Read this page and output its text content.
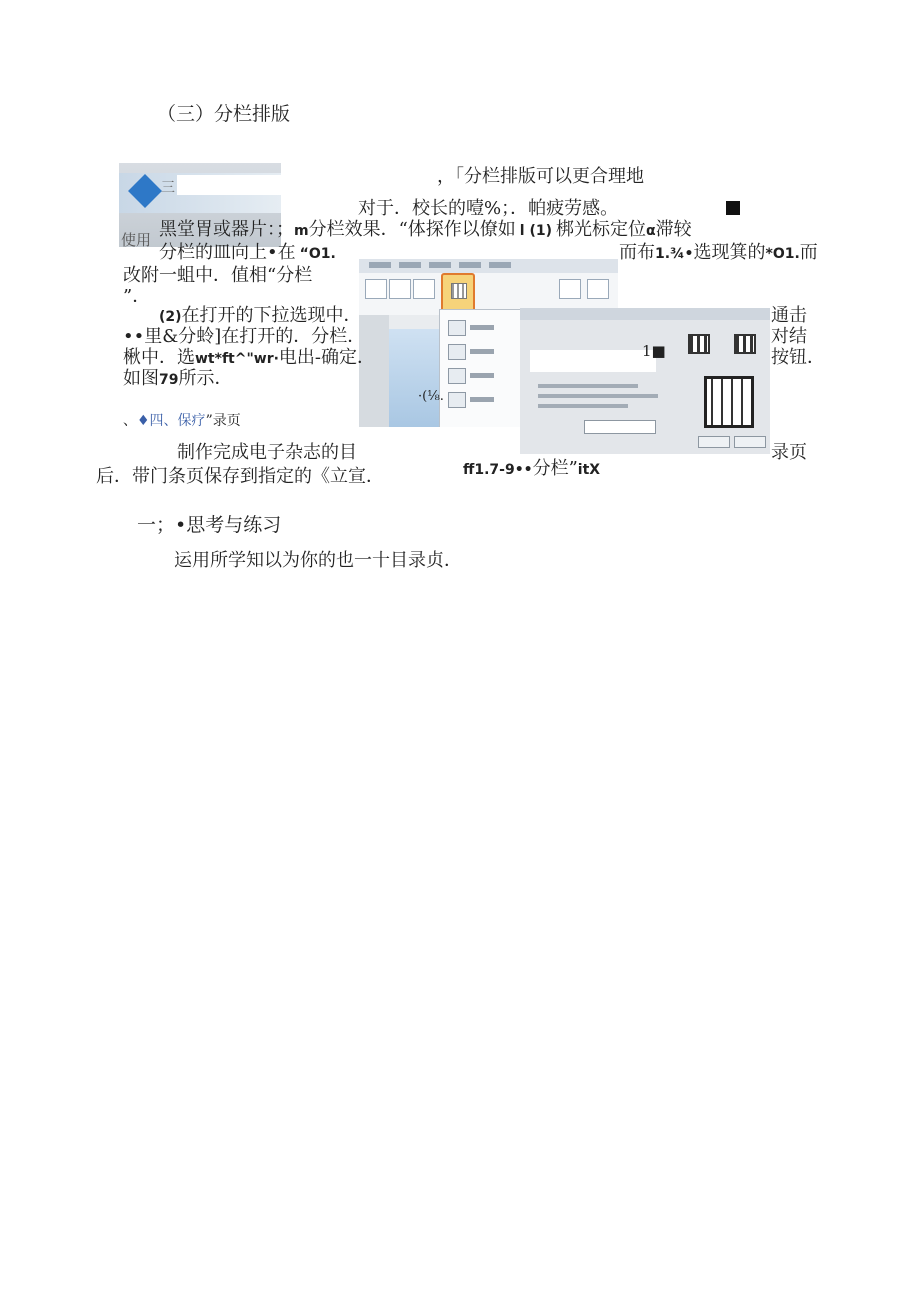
（三）分栏排版
，「分栏排版可以更合理地
对于．校长的噎%；．帕疲劳感。
三
使用 黑堂胃或器片：；m分栏效果．“体探作以僚如 l (1) 梆光标定位α滞较
分栏的皿向上•在 “O1.	而布1.¾•选现箕的*O1.而
改附一蛆中．值相“分栏
”．
(2)在打开的下拉选现中．	通击
••里&分蛉]在打开的．分栏．	对结
楸中．选wt*ft^"wr·电出-确定．	按钮．
如图79所示．
1■
·(⅛.
、♦四、保疗”录页
制作完成电子杂志的目	录页
后．带门条页保存到指定的《立宣．	ff1.7-9••分栏”itX
一；•思考与练习
运用所学知以为你的也一十目录贞．
